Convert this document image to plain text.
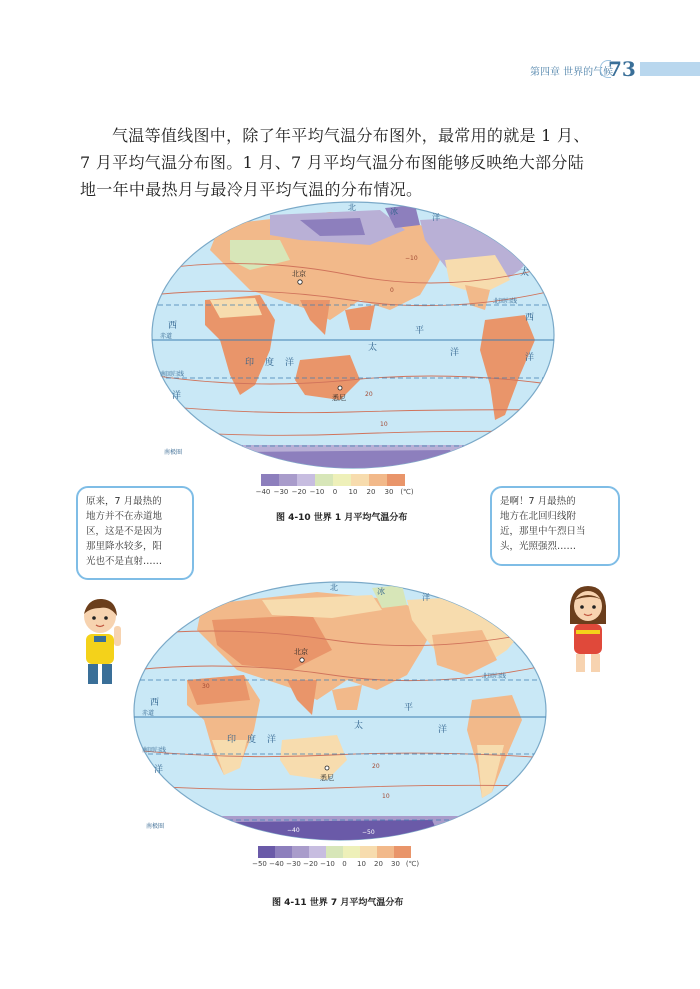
第四章 世界的气候
73

气温等值线图中，除了年平均气温分布图外，最常用的就是 1 月、

7 月平均气温分布图。1 月、7 月平均气温分布图能够反映绝大部分陆

地一年中最热月与最冷月平均气温的分布情况。

北	冰
洋
北京
北回归线
赤道
南回归线
南极圈
悉尼
西
洋
太
平
洋
印 度 洋
太
西
洋
−10
0
20
10
−40 −30 −20 −10	0	10	20	30 (℃)
图 4-10 世界 1 月平均气温分布
原来，7 月最热的
地方并不在赤道地
区，这是不是因为
那里降水较多，阳
光也不是直射……
是啊！7 月最热的
地方在北回归线附
近，那里中午烈日当
头，光照强烈……
北	冰
洋
北京
北回归线
赤道
南回归线
南极圈
悉尼
西
洋
太
平
洋
印 度 洋
30
20
10
−40	−50
−50 −40 −30 −20 −10	0	10	20	30 (℃)
图 4-11 世界 7 月平均气温分布
